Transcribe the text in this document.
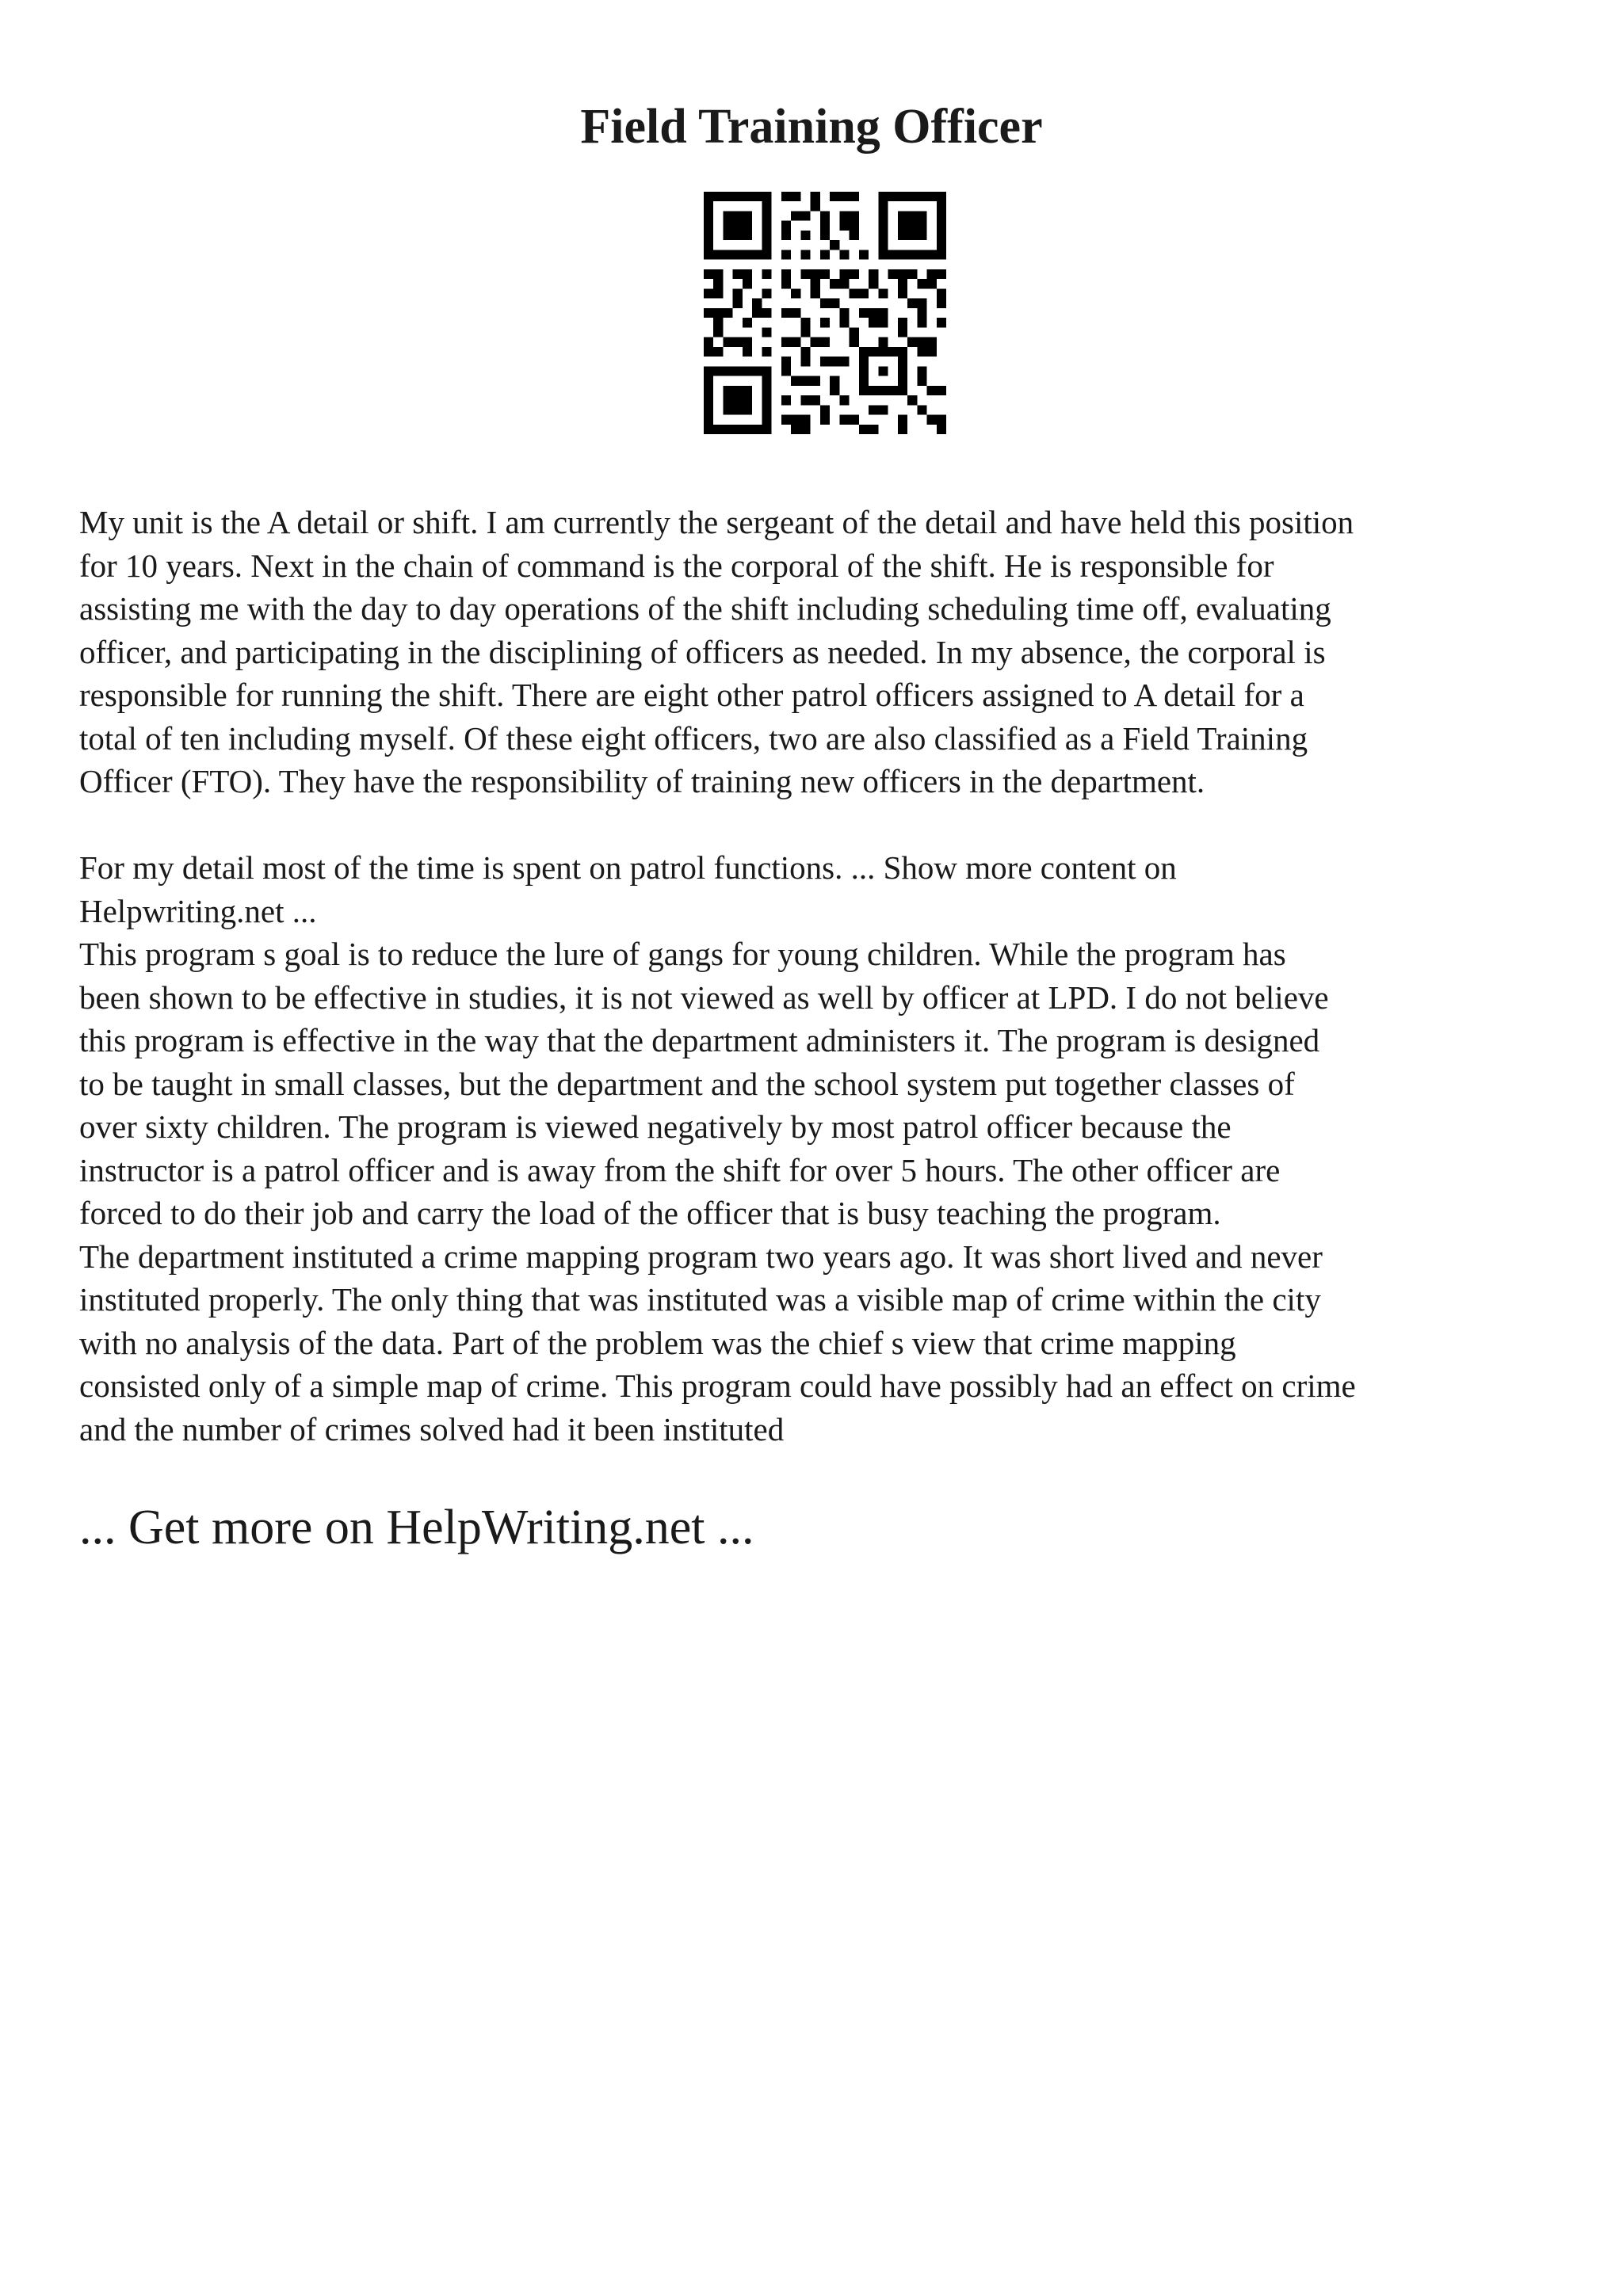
Field Training Officer
My unit is the A detail or shift. I am currently the sergeant of the detail and have held this position
for 10 years. Next in the chain of command is the corporal of the shift. He is responsible for
assisting me with the day to day operations of the shift including scheduling time off, evaluating
officer, and participating in the disciplining of officers as needed. In my absence, the corporal is
responsible for running the shift. There are eight other patrol officers assigned to A detail for a
total of ten including myself. Of these eight officers, two are also classified as a Field Training
Officer (FTO). They have the responsibility of training new officers in the department.
For my detail most of the time is spent on patrol functions. ... Show more content on
Helpwriting.net ...
This program s goal is to reduce the lure of gangs for young children. While the program has
been shown to be effective in studies, it is not viewed as well by officer at LPD. I do not believe
this program is effective in the way that the department administers it. The program is designed
to be taught in small classes, but the department and the school system put together classes of
over sixty children. The program is viewed negatively by most patrol officer because the
instructor is a patrol officer and is away from the shift for over 5 hours. The other officer are
forced to do their job and carry the load of the officer that is busy teaching the program.
The department instituted a crime mapping program two years ago. It was short lived and never
instituted properly. The only thing that was instituted was a visible map of crime within the city
with no analysis of the data. Part of the problem was the chief s view that crime mapping
consisted only of a simple map of crime. This program could have possibly had an effect on crime
and the number of crimes solved had it been instituted

... Get more on HelpWriting.net ...
